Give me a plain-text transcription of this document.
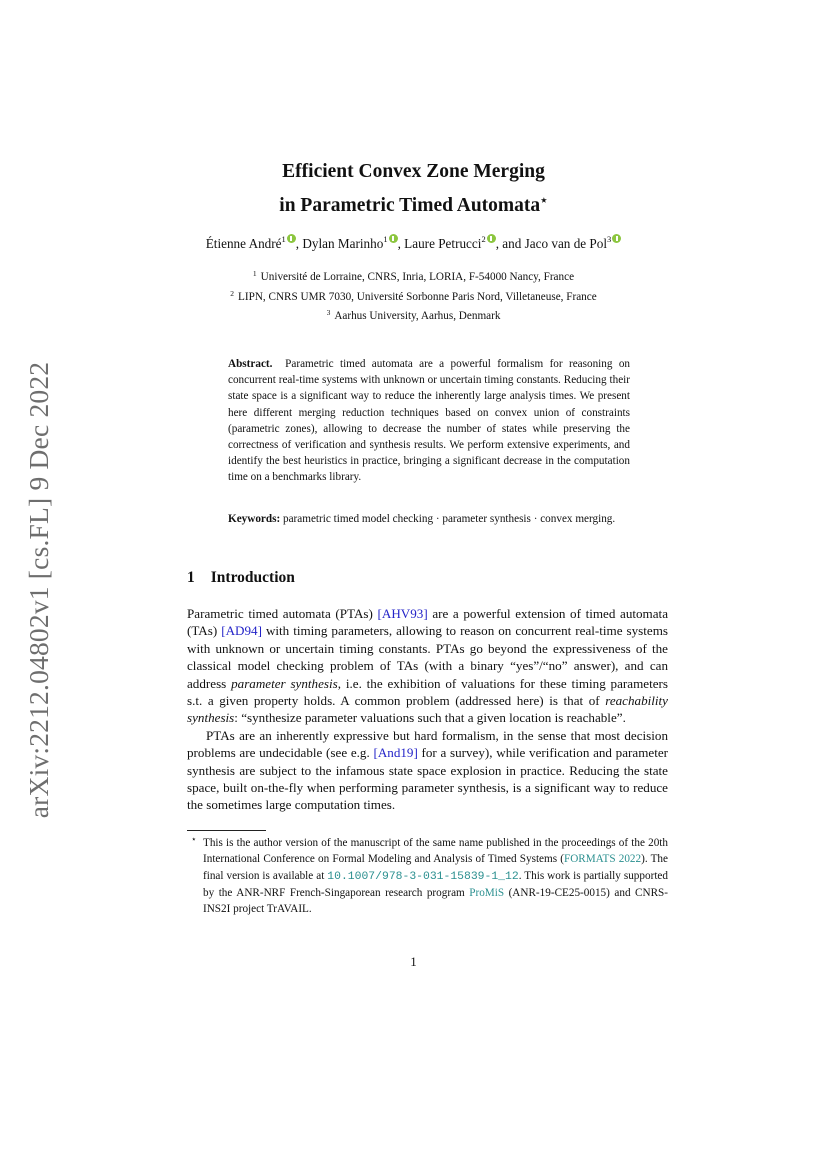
arXiv:2212.04802v1 [cs.FL] 9 Dec 2022
Efficient Convex Zone Merging
in Parametric Timed Automata⋆
Étienne André$^1$ , Dylan Marinho$^1$ , Laure Petrucci$^2$ , and Jaco van de Pol$^3$
$^1$ Université de Lorraine, CNRS, Inria, LORIA, F-54000 Nancy, France
$^2$ LIPN, CNRS UMR 7030, Université Sorbonne Paris Nord, Villetaneuse, France
$^3$ Aarhus University, Aarhus, Denmark
Abstract. Parametric timed automata are a powerful formalism for reasoning on concurrent real-time systems with unknown or uncertain timing constants. Reducing their state space is a significant way to reduce the inherently large analysis times. We present here different merging reduction techniques based on convex union of constraints (parametric zones), allowing to decrease the number of states while preserving the correctness of verification and synthesis results. We perform extensive experiments, and identify the best heuristics in practice, bringing a significant decrease in the computation time on a benchmarks library.
Keywords: parametric timed model checking · parameter synthesis · convex merging.
1 Introduction

Parametric timed automata (PTAs) [AHV93] are a powerful extension of timed automata (TAs) [AD94] with timing parameters, allowing to reason on concurrent real-time systems with unknown or uncertain timing constants. PTAs go beyond the expressiveness of the classical model checking problem of TAs (with a binary “yes”/“no” answer), and can address parameter synthesis, i.e. the exhibition of valuations for these timing parameters s.t. a given property holds. A common problem (addressed here) is that of reachability synthesis: “synthesize parameter valuations such that a given location is reachable”.

PTAs are an inherently expressive but hard formalism, in the sense that most decision problems are undecidable (see e.g. [And19] for a survey), while verification and parameter synthesis are subject to the infamous state space explosion in practice. Reducing the state space, built on-the-fly when performing parameter synthesis, is a significant way to reduce the sometimes large computation times.

⋆ This is the author version of the manuscript of the same name published in the proceedings of the 20th International Conference on Formal Modeling and Analysis of Timed Systems (FORMATS 2022). The final version is available at 10.1007/978-3-031-15839-1_12. This work is partially supported by the ANR-NRF French-Singaporean research program ProMiS (ANR-19-CE25-0015) and CNRS-INS2I project TrAVAIL.
1
